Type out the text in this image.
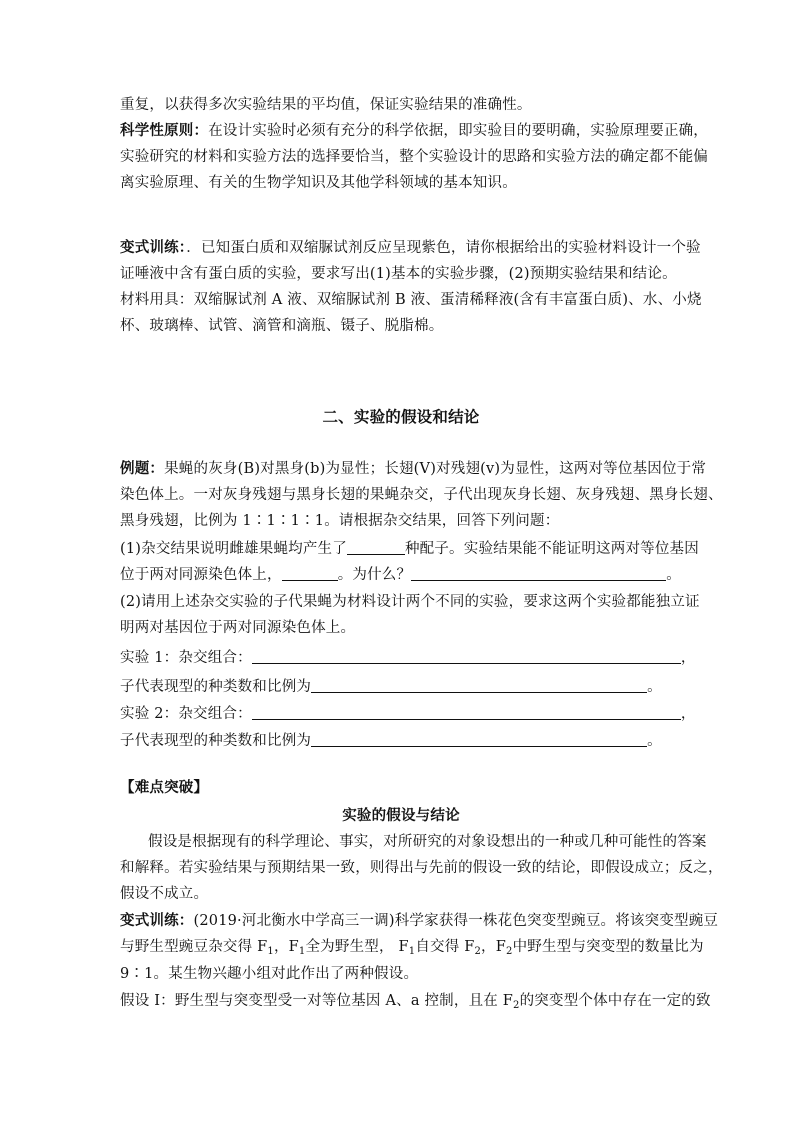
重复，以获得多次实验结果的平均值，保证实验结果的准确性。
科学性原则：在设计实验时必须有充分的科学依据，即实验目的要明确，实验原理要正确，
实验研究的材料和实验方法的选择要恰当，整个实验设计的思路和实验方法的确定都不能偏
离实验原理、有关的生物学知识及其他学科领域的基本知识。
变式训练：．已知蛋白质和双缩脲试剂反应呈现紫色，请你根据给出的实验材料设计一个验
证唾液中含有蛋白质的实验，要求写出(1)基本的实验步骤，(2)预期实验结果和结论。
材料用具：双缩脲试剂 A 液、双缩脲试剂 B 液、蛋清稀释液(含有丰富蛋白质)、水、小烧
杯、玻璃棒、试管、滴管和滴瓶、镊子、脱脂棉。
二、实验的假设和结论
例题：果蝇的灰身(B)对黑身(b)为显性；长翅(V)对残翅(v)为显性，这两对等位基因位于常
染色体上。一对灰身残翅与黑身长翅的果蝇杂交，子代出现灰身长翅、灰身残翅、黑身长翅、
黑身残翅，比例为 1∶1∶1∶1。请根据杂交结果，回答下列问题：
(1)杂交结果说明雌雄果蝇均产生了	种配子。实验结果能不能证明这两对等位基因
位于两对同源染色体上，	。为什么？	。
(2)请用上述杂交实验的子代果蝇为材料设计两个不同的实验，要求这两个实验都能独立证
明两对基因位于两对同源染色体上。
实验 1：杂交组合：	，
子代表现型的种类数和比例为	。
实验 2：杂交组合：	，
子代表现型的种类数和比例为	。
【难点突破】
实验的假设与结论
假设是根据现有的科学理论、事实，对所研究的对象设想出的一种或几种可能性的答案
和解释。若实验结果与预期结果一致，则得出与先前的假设一致的结论，即假设成立；反之，
假设不成立。
变式训练：(2019·河北衡水中学高三一调)科学家获得一株花色突变型豌豆。将该突变型豌豆
与野生型豌豆杂交得 $F_1$，$F_1$全为野生型， $F_1$自交得 $F_2$，$F_2$中野生型与突变型的数量比为
9∶1。某生物兴趣小组对此作出了两种假设。
假设 I：野生型与突变型受一对等位基因 A、a 控制，且在 $F_2$的突变型个体中存在一定的致
